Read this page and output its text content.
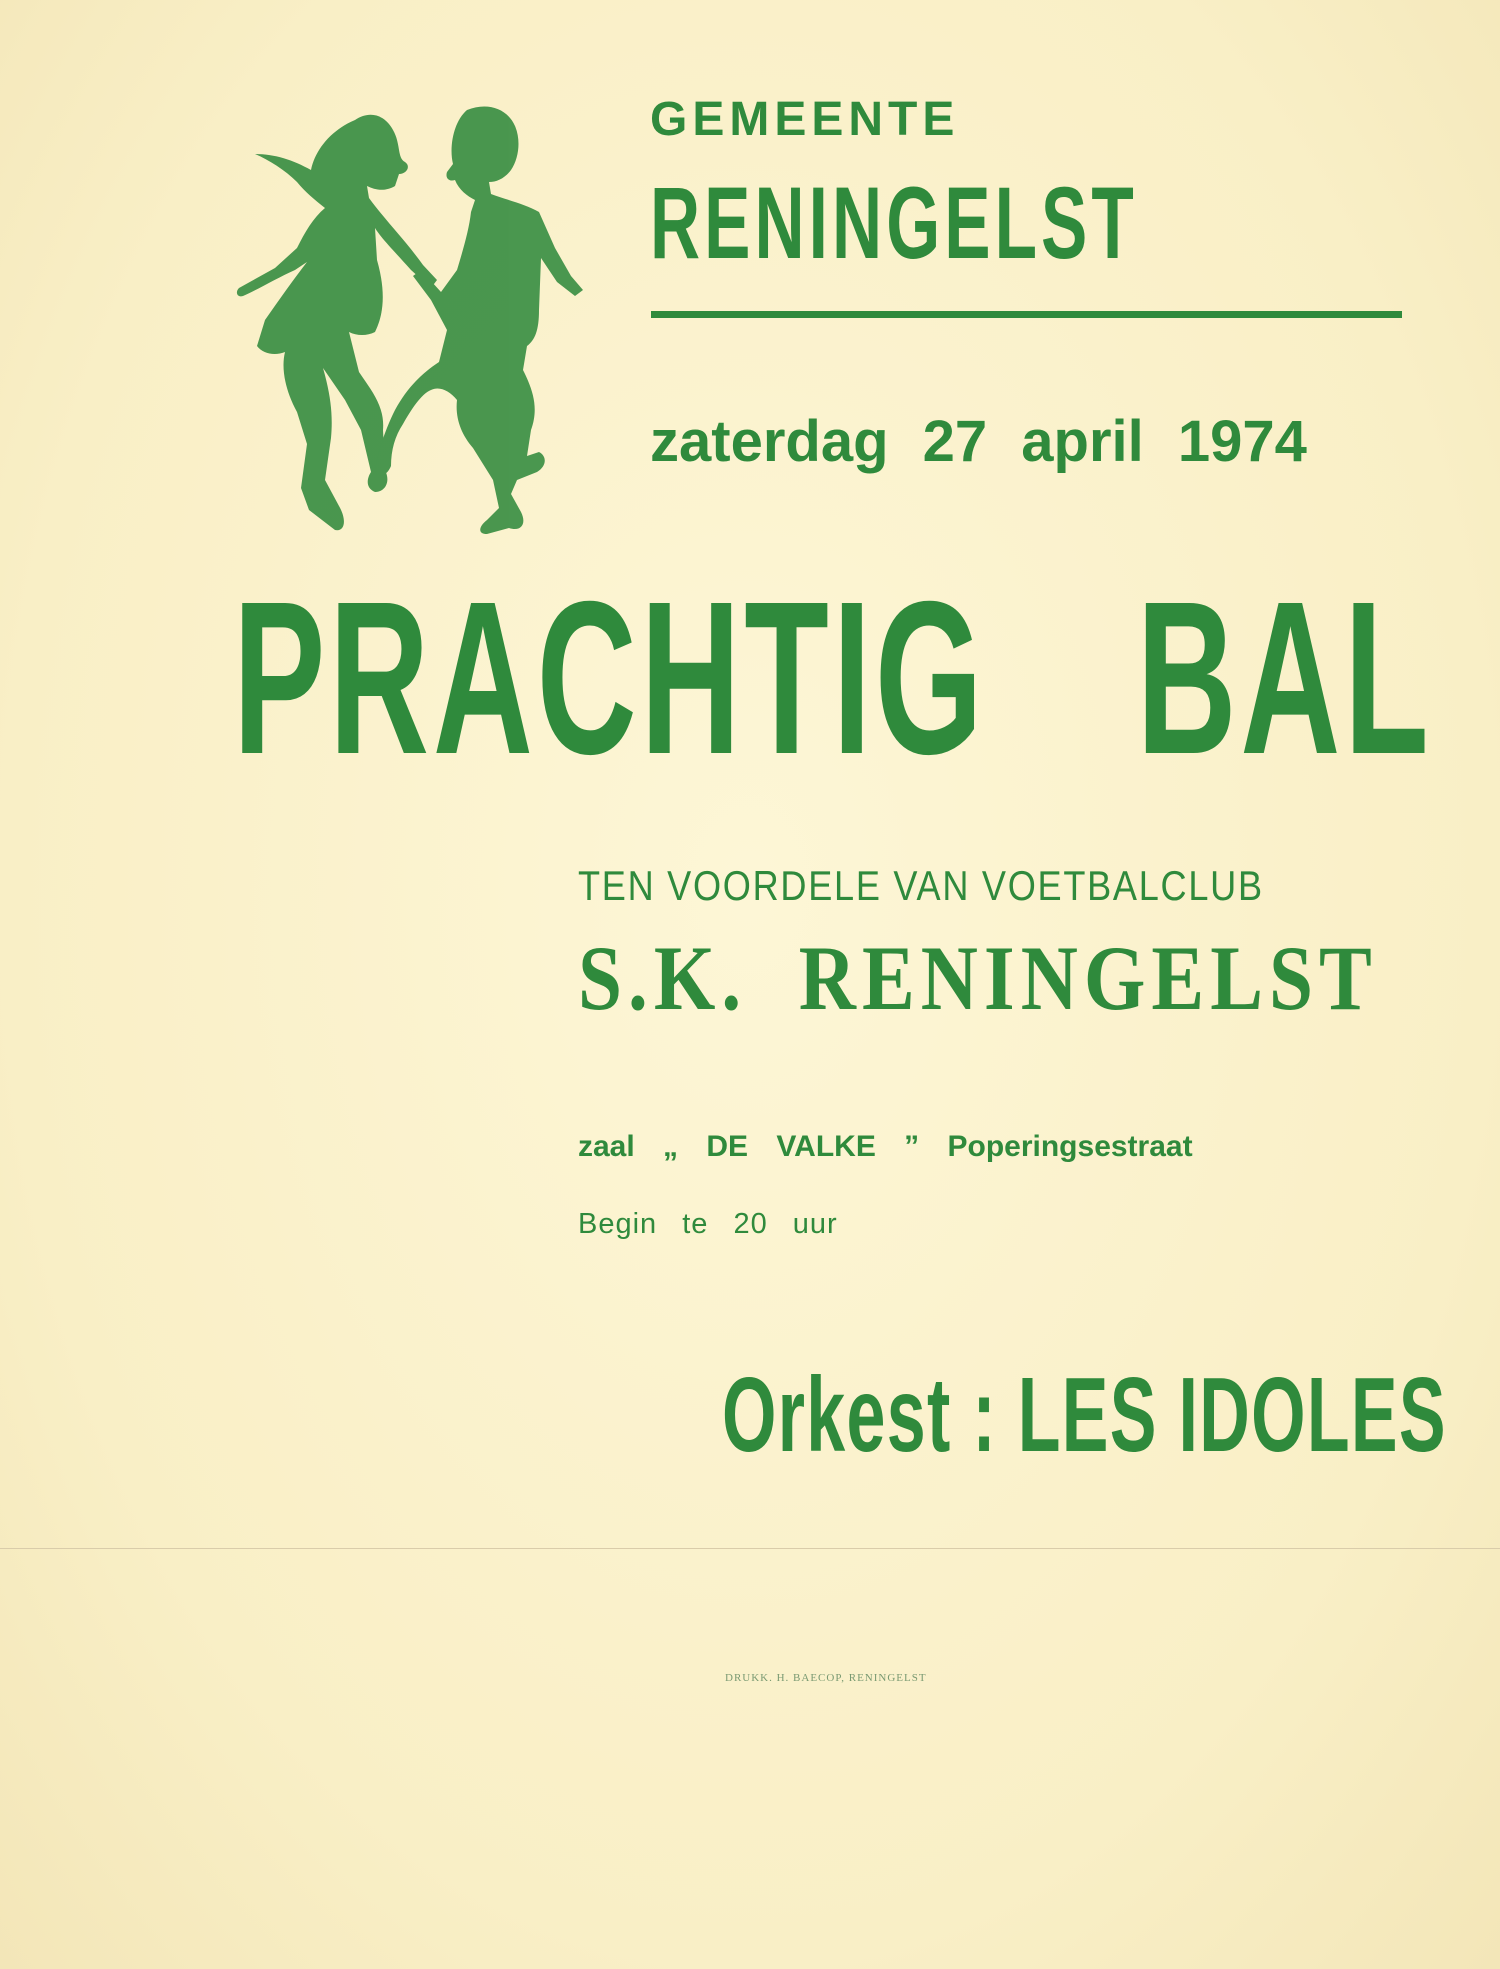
GEMEENTE
RENINGELST
zaterdag 27 april 1974
PRACHTIG BAL
TEN VOORDELE VAN VOETBALCLUB
S.K. RENINGELST
zaal „ DE VALKE ” Poperingsestraat
Begin te 20 uur
Orkest : LES IDOLES
DRUKK. H. BAECOP, RENINGELST
